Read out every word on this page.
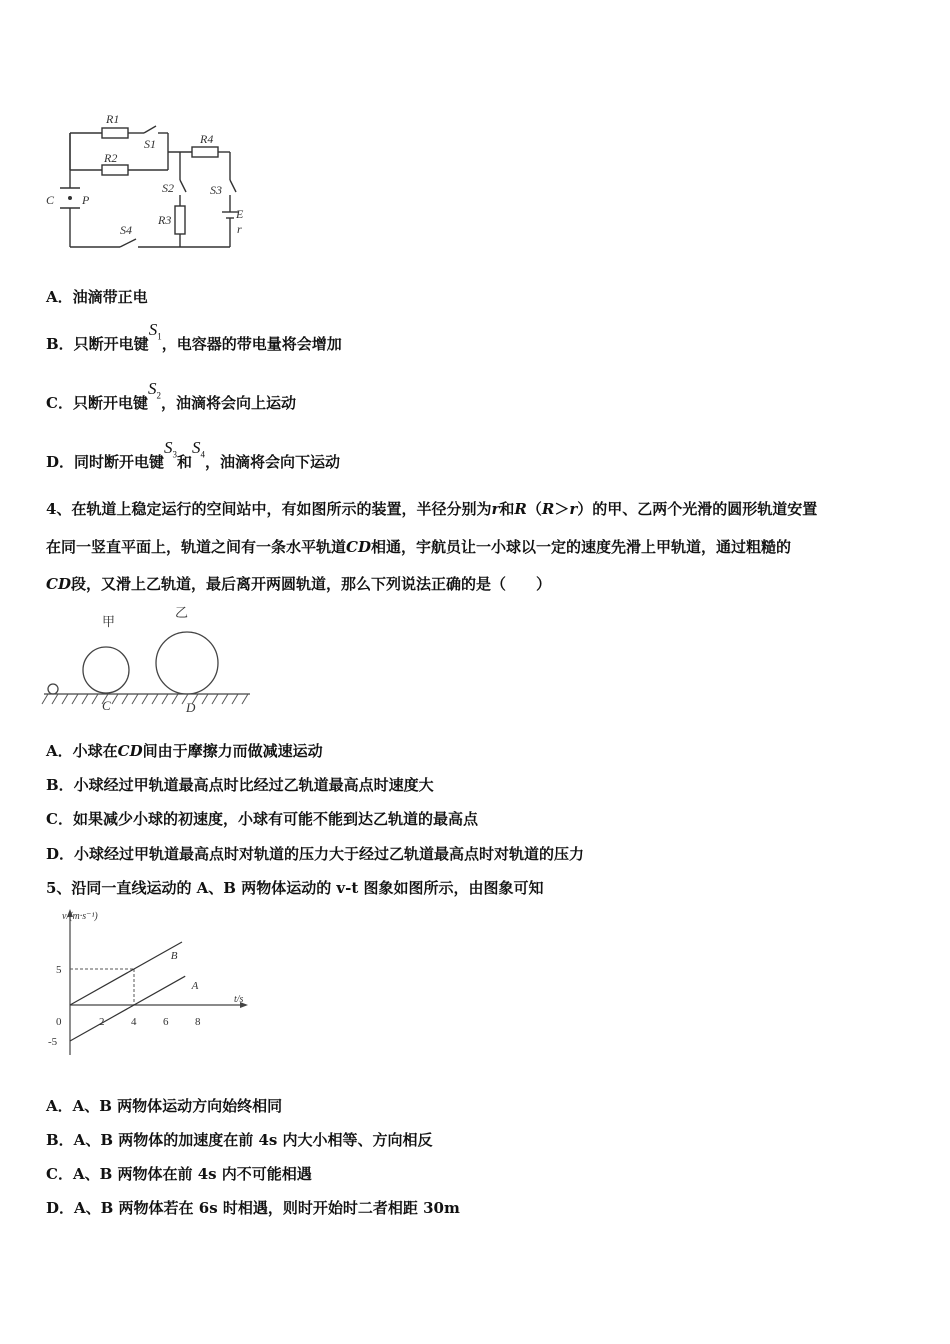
R1
R2
S1	R4
S2
R3
S3
E
r
C P
S4
A．油滴带正电
B．只断开电键$S_1$，电容器的带电量将会增加
C．只断开电键$S_2$，油滴将会向上运动
D．同时断开电键$S_3$和$S_4$，油滴将会向下运动
4、在轨道上稳定运行的空间站中，有如图所示的装置，半径分别为r和R（R＞r）的甲、乙两个光滑的圆形轨道安置
在同一竖直平面上，轨道之间有一条水平轨道CD相通，宇航员让一小球以一定的速度先滑上甲轨道，通过粗糙的
CD段，又滑上乙轨道，最后离开两圆轨道，那么下列说法正确的是（　　）
甲
乙
C	D
A．小球在CD间由于摩擦力而做减速运动
B．小球经过甲轨道最高点时比经过乙轨道最高点时速度大
C．如果减少小球的初速度，小球有可能不能到达乙轨道的最高点
D．小球经过甲轨道最高点时对轨道的压力大于经过乙轨道最高点时对轨道的压力
5、沿同一直线运动的 A、B 两物体运动的 v-t 图象如图所示，由图象可知
B
A
2 4 6 8
5
0
-5
v/(m·s⁻¹)
t/s
A．A、B 两物体运动方向始终相同
B．A、B 两物体的加速度在前 4s 内大小相等、方向相反
C．A、B 两物体在前 4s 内不可能相遇
D．A、B 两物体若在 6s 时相遇，则时开始时二者相距 30m
